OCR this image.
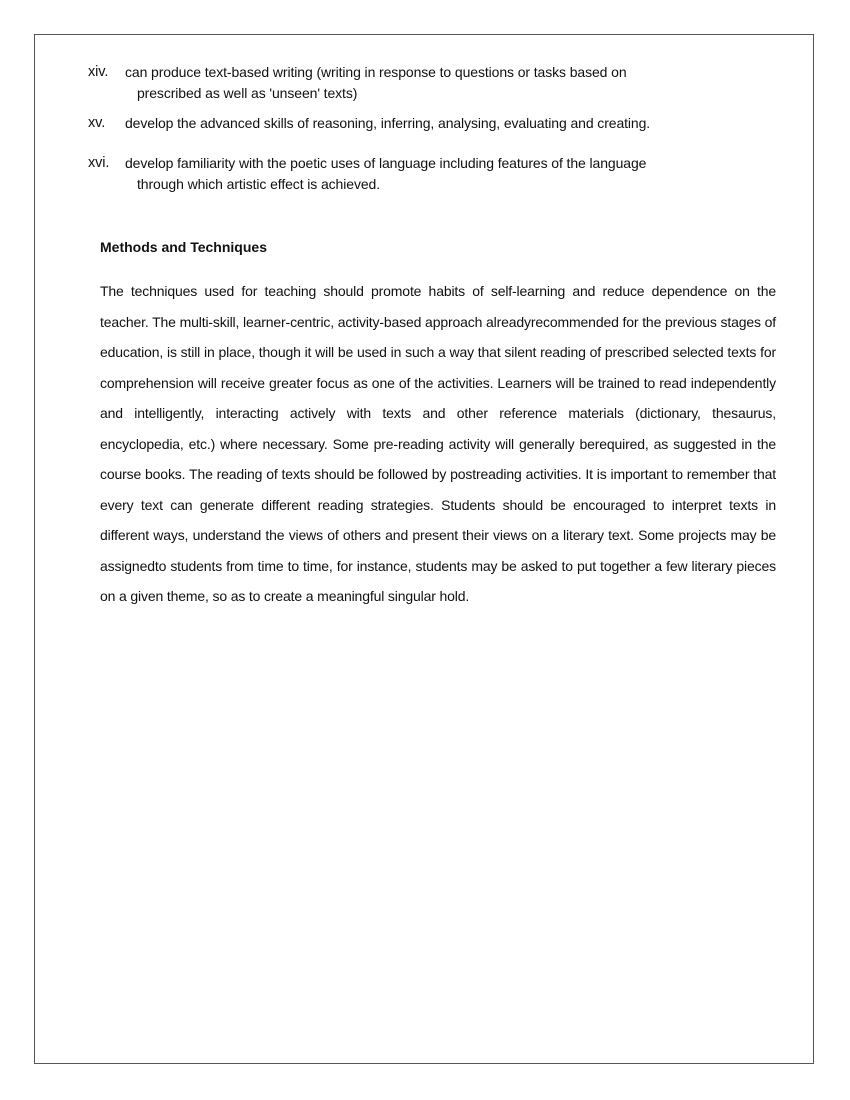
xiv. can produce text-based writing (writing in response to questions or tasks based on
prescribed as well as 'unseen' texts)
xv. develop the advanced skills of reasoning, inferring, analysing, evaluating and creating.
xvi. develop familiarity with the poetic uses of language including features of the language
through which artistic effect is achieved.
Methods and Techniques

The techniques used for teaching should promote habits of self-learning and reduce dependence on the teacher. The multi-skill, learner-centric, activity-based approach alreadyrecommended for the previous stages of education, is still in place, though it will be used in such a way that silent reading of prescribed selected texts for comprehension will receive greater focus as one of the activities. Learners will be trained to read independently and intelligently, interacting actively with texts and other reference materials (dictionary, thesaurus, encyclopedia, etc.) where necessary. Some pre-reading activity will generally berequired, as suggested in the course books. The reading of texts should be followed by postreading activities. It is important to remember that every text can generate different reading strategies. Students should be encouraged to interpret texts in different ways, understand the views of others and present their views on a literary text. Some projects may be assignedto students from time to time, for instance, students may be asked to put together a few literary pieces on a given theme, so as to create a meaningful singular hold.
